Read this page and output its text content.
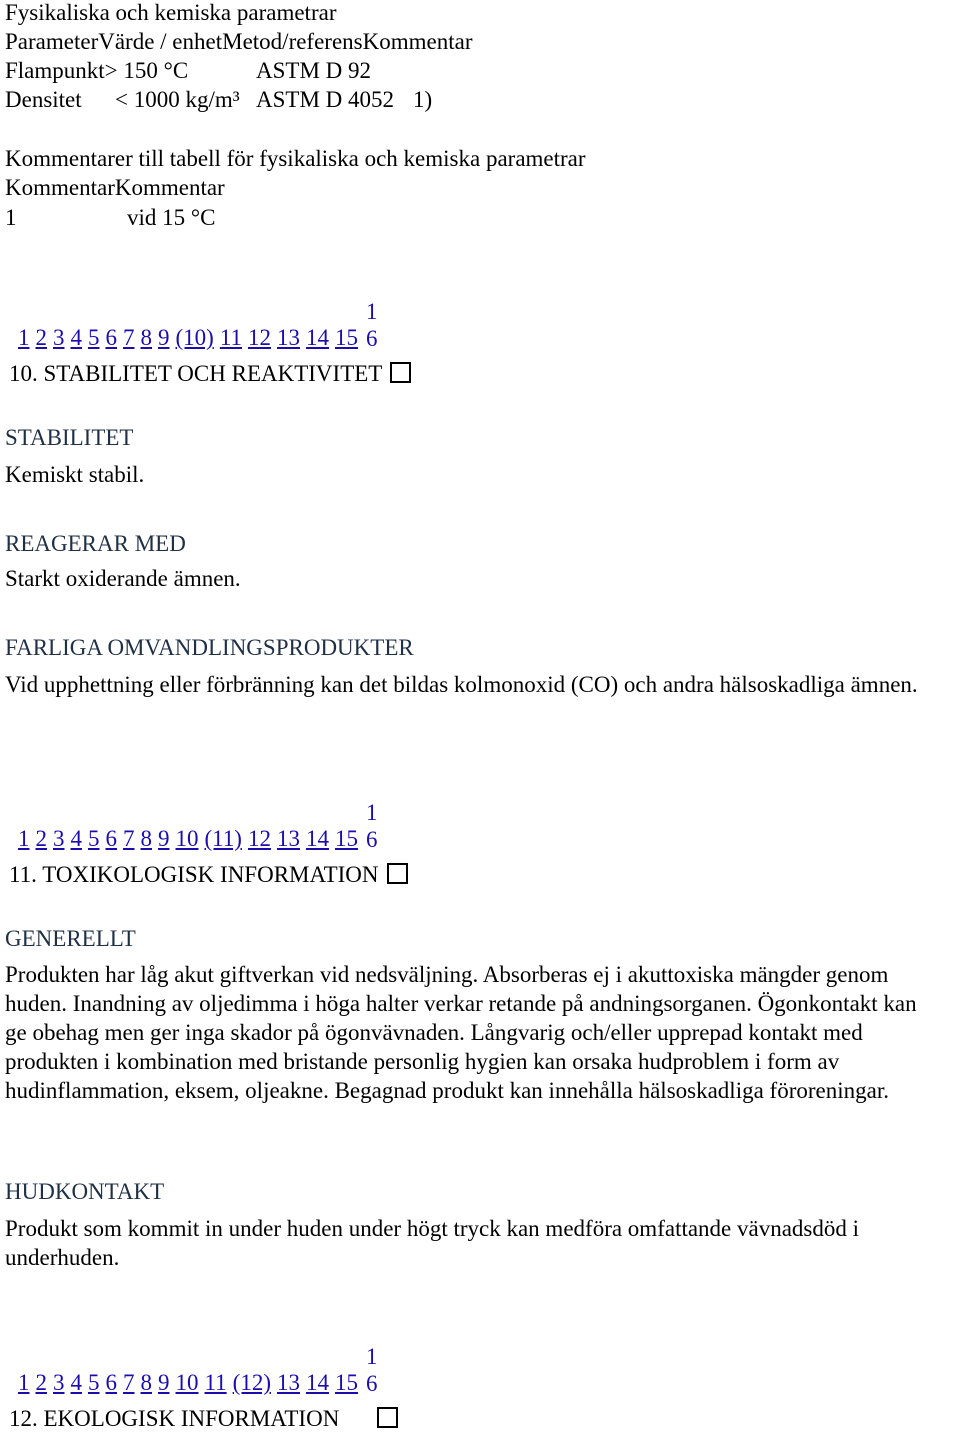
Fysikaliska och kemiska parametrar
ParameterVärde / enhetMetod/referensKommentar
Flampunkt> 150 °C	ASTM D 92
Densitet < 1000 kg/m³ ASTM D 4052 1)
Kommentarer till tabell för fysikaliska och kemiska parametrar
KommentarKommentar
1	vid 15 °C
1 2 3 4 5 6 7 8 9 (10) 11 12 13 14 15
1
6
10. STABILITET OCH REAKTIVITET
STABILITET
Kemiskt stabil.
REAGERAR MED
Starkt oxiderande ämnen.
FARLIGA OMVANDLINGSPRODUKTER
Vid upphettning eller förbränning kan det bildas kolmonoxid (CO) och andra hälsoskadliga ämnen.
1 2 3 4 5 6 7 8 9 10 (11) 12 13 14 15
1
6
11. TOXIKOLOGISK INFORMATION
GENERELLT
Produkten har låg akut giftverkan vid nedsväljning. Absorberas ej i akuttoxiska mängder genom huden. Inandning av oljedimma i höga halter verkar retande på andningsorganen. Ögonkontakt kan ge obehag men ger inga skador på ögonvävnaden. Långvarig och/eller upprepad kontakt med produkten i kombination med bristande personlig hygien kan orsaka hudproblem i form av hudinflammation, eksem, oljeakne. Begagnad produkt kan innehålla hälsoskadliga föroreningar.
HUDKONTAKT
Produkt som kommit in under huden under högt tryck kan medföra omfattande vävnadsdöd i underhuden.
1 2 3 4 5 6 7 8 9 10 11 (12) 13 14 15
1
6
12. EKOLOGISK INFORMATION
